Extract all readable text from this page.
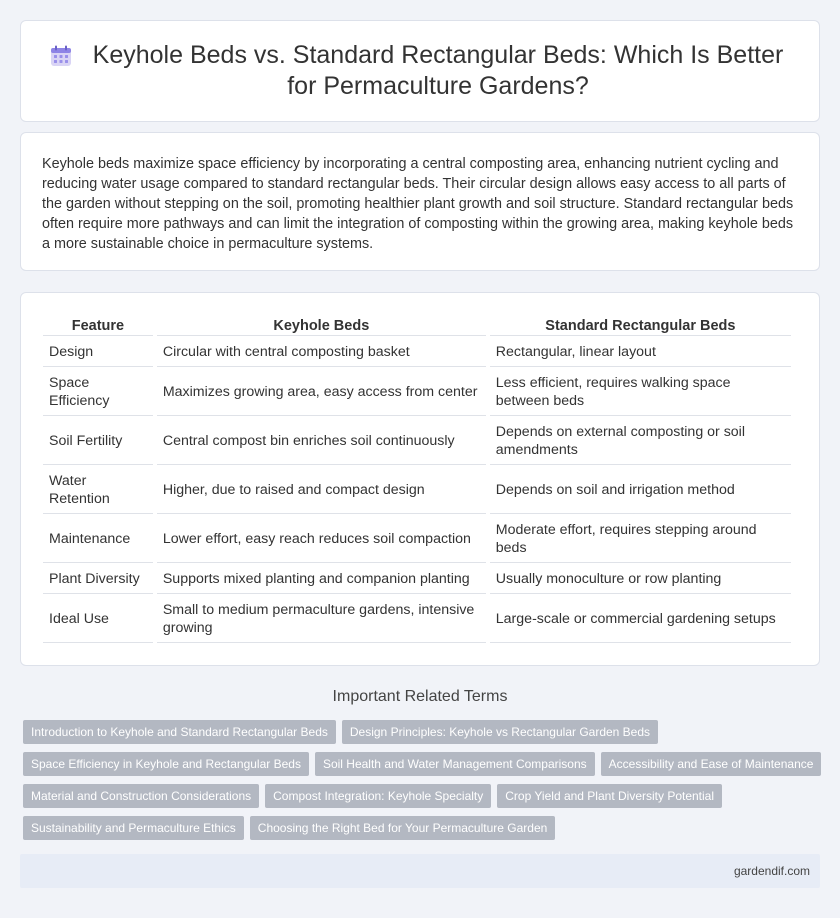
Keyhole Beds vs. Standard Rectangular Beds: Which Is Better for Permaculture Gardens?

Keyhole beds maximize space efficiency by incorporating a central composting area, enhancing nutrient cycling and reducing water usage compared to standard rectangular beds. Their circular design allows easy access to all parts of the garden without stepping on the soil, promoting healthier plant growth and soil structure. Standard rectangular beds often require more pathways and can limit the integration of composting within the growing area, making keyhole beds a more sustainable choice in permaculture systems.

Feature	Keyhole Beds	Standard Rectangular Beds
Design	Circular with central composting basket	Rectangular, linear layout
Space Efficiency	Maximizes growing area, easy access from center	Less efficient, requires walking space between beds
Soil Fertility	Central compost bin enriches soil continuously	Depends on external composting or soil amendments
Water Retention	Higher, due to raised and compact design	Depends on soil and irrigation method
Maintenance	Lower effort, easy reach reduces soil compaction	Moderate effort, requires stepping around beds
Plant Diversity	Supports mixed planting and companion planting	Usually monoculture or row planting
Ideal Use	Small to medium permaculture gardens, intensive growing	Large-scale or commercial gardening setups
Important Related Terms
Introduction to Keyhole and Standard Rectangular Beds	Design Principles: Keyhole vs Rectangular Garden Beds
Space Efficiency in Keyhole and Rectangular Beds	Soil Health and Water Management Comparisons	Accessibility and Ease of Maintenance
Material and Construction Considerations	Compost Integration: Keyhole Specialty	Crop Yield and Plant Diversity Potential
Sustainability and Permaculture Ethics	Choosing the Right Bed for Your Permaculture Garden
gardendif.com
